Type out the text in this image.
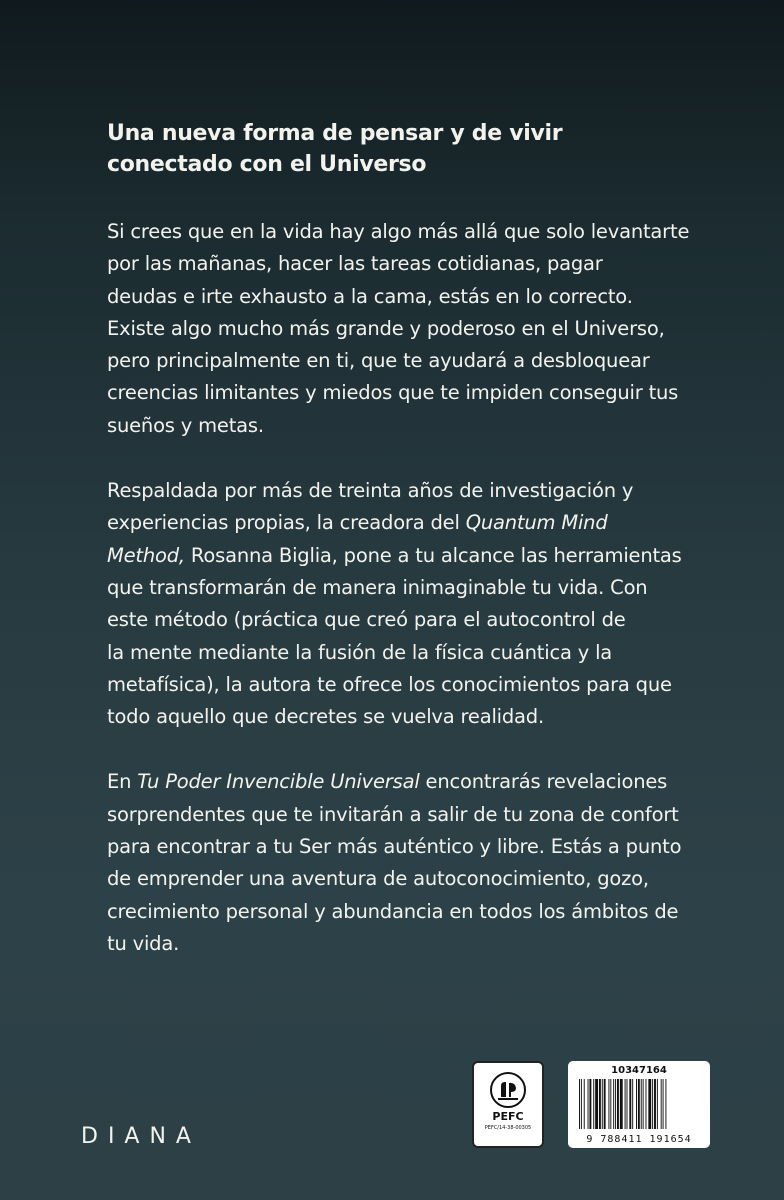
Una nueva forma de pensar y de vivir
conectado con el Universo

Si crees que en la vida hay algo más allá que solo levantarte
por las mañanas, hacer las tareas cotidianas, pagar
deudas e irte exhausto a la cama, estás en lo correcto.
Existe algo mucho más grande y poderoso en el Universo,
pero principalmente en ti, que te ayudará a desbloquear
creencias limitantes y miedos que te impiden conseguir tus
sueños y metas.

Respaldada por más de treinta años de investigación y
experiencias propias, la creadora del Quantum Mind
Method, Rosanna Biglia, pone a tu alcance las herramientas
que transformarán de manera inimaginable tu vida. Con
este método (práctica que creó para el autocontrol de
la mente mediante la fusión de la física cuántica y la
metafísica), la autora te ofrece los conocimientos para que
todo aquello que decretes se vuelva realidad.

En Tu Poder Invencible Universal encontrarás revelaciones
sorprendentes que te invitarán a salir de tu zona de confort
para encontrar a tu Ser más auténtico y libre. Estás a punto
de emprender una aventura de autoconocimiento, gozo,
crecimiento personal y abundancia en todos los ámbitos de
tu vida.

DIANA
PEFC
PEFC/14-38-00305
10347164
9 788411 191654
